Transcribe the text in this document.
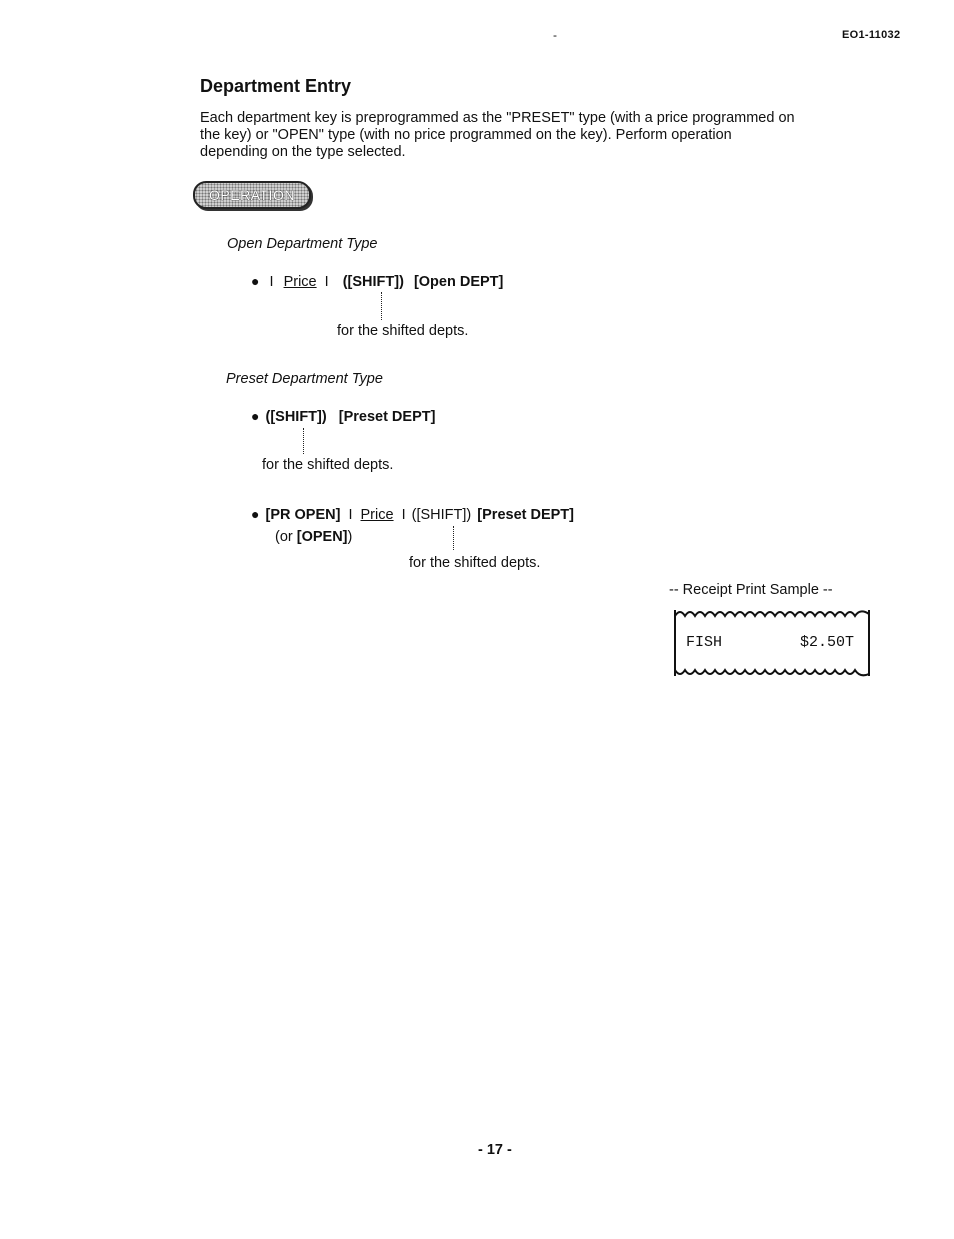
-	EO1-11032
Department Entry
Each department key is preprogrammed as the "PRESET" type (with a price programmed on
the key) or "OPEN" type (with no price programmed on the key). Perform operation
depending on the type selected.
OPERATION
Open Department Type
● I Price I ([SHIFT]) [Open DEPT]
for the shifted depts.
Preset Department Type
● ([SHIFT]) [Preset DEPT]
for the shifted depts.
● [PR OPEN] I Price I ([SHIFT]) [Preset DEPT]
(or [OPEN])
for the shifted depts.
-- Receipt Print Sample --
FISH	$2.50T
- 17 -
